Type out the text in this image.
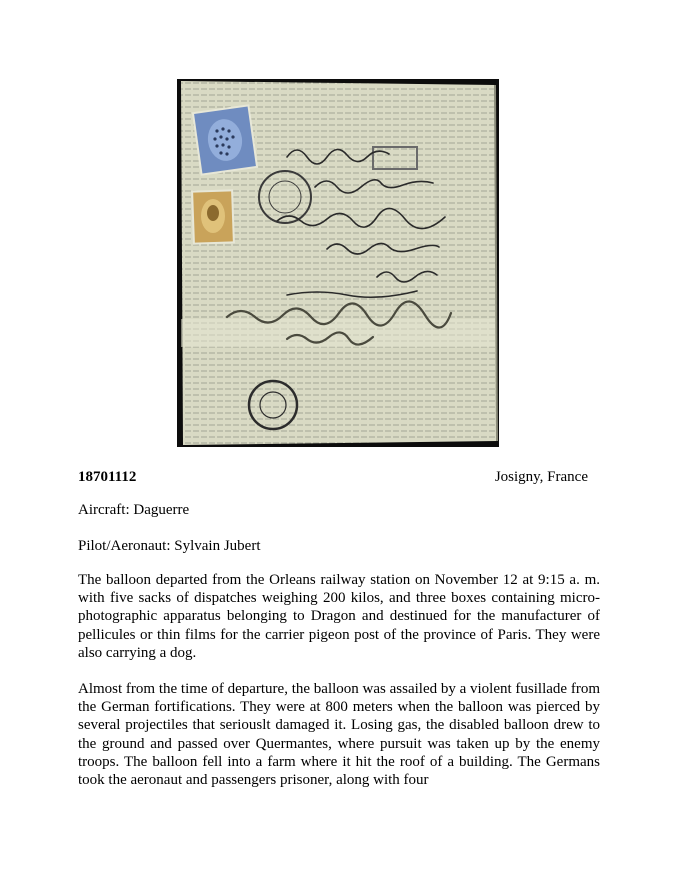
18701112	Josigny, France
Aircraft: Daguerre
Pilot/Aeronaut: Sylvain Jubert
The balloon departed from the Orleans railway station on November 12 at 9:15 a. m. with five sacks of dispatches weighing 200 kilos, and three boxes containing micro-photographic apparatus belonging to Dragon and destinued for the manufacturer of pellicules or thin films for the carrier pigeon post of the province of Paris. They were also carrying a dog.
Almost from the time of departure, the balloon was assailed by a violent fusillade from the German fortifications. They were at 800 meters when the balloon was pierced by several projectiles that seriouslt damaged it. Losing gas, the disabled balloon drew to the ground and passed over Quermantes, where pursuit was taken up by the enemy troops. The balloon fell into a farm where it hit the roof of a building. The Germans took the aeronaut and passengers prisoner, along with four
